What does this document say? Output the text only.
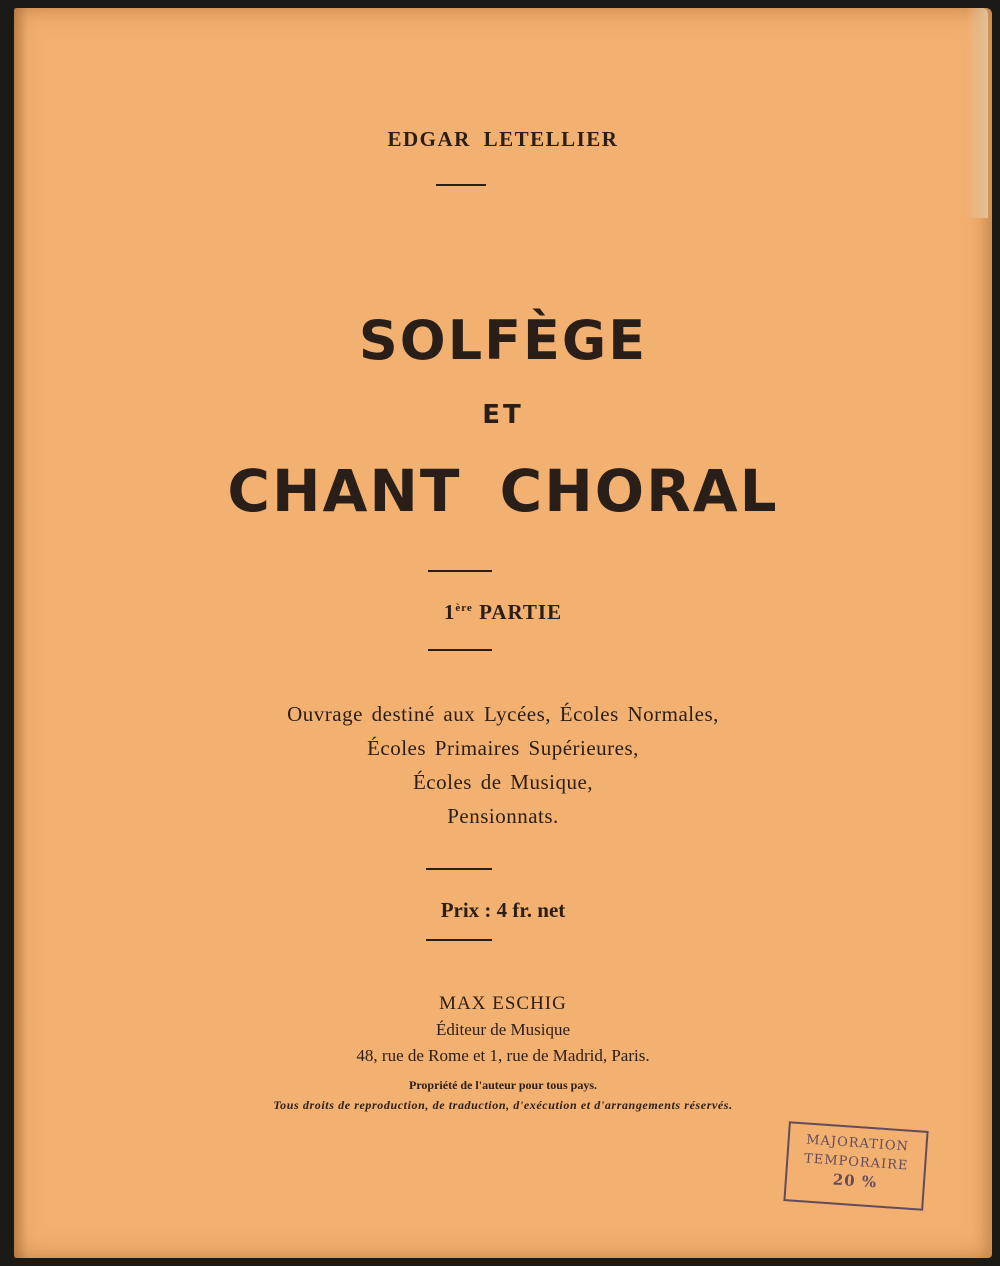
EDGAR LETELLIER
SOLFÈGE
ET
CHANT CHORAL
1ère PARTIE
Ouvrage destiné aux Lycées, Écoles Normales,
Écoles Primaires Supérieures,
Écoles de Musique,
Pensionnats.
Prix : 4 fr. net
MAX ESCHIG
Éditeur de Musique
48, rue de Rome et 1, rue de Madrid, Paris.
Propriété de l'auteur pour tous pays.
Tous droits de reproduction, de traduction, d'exécution et d'arrangements réservés.
MAJORATION
TEMPORAIRE
20 %
